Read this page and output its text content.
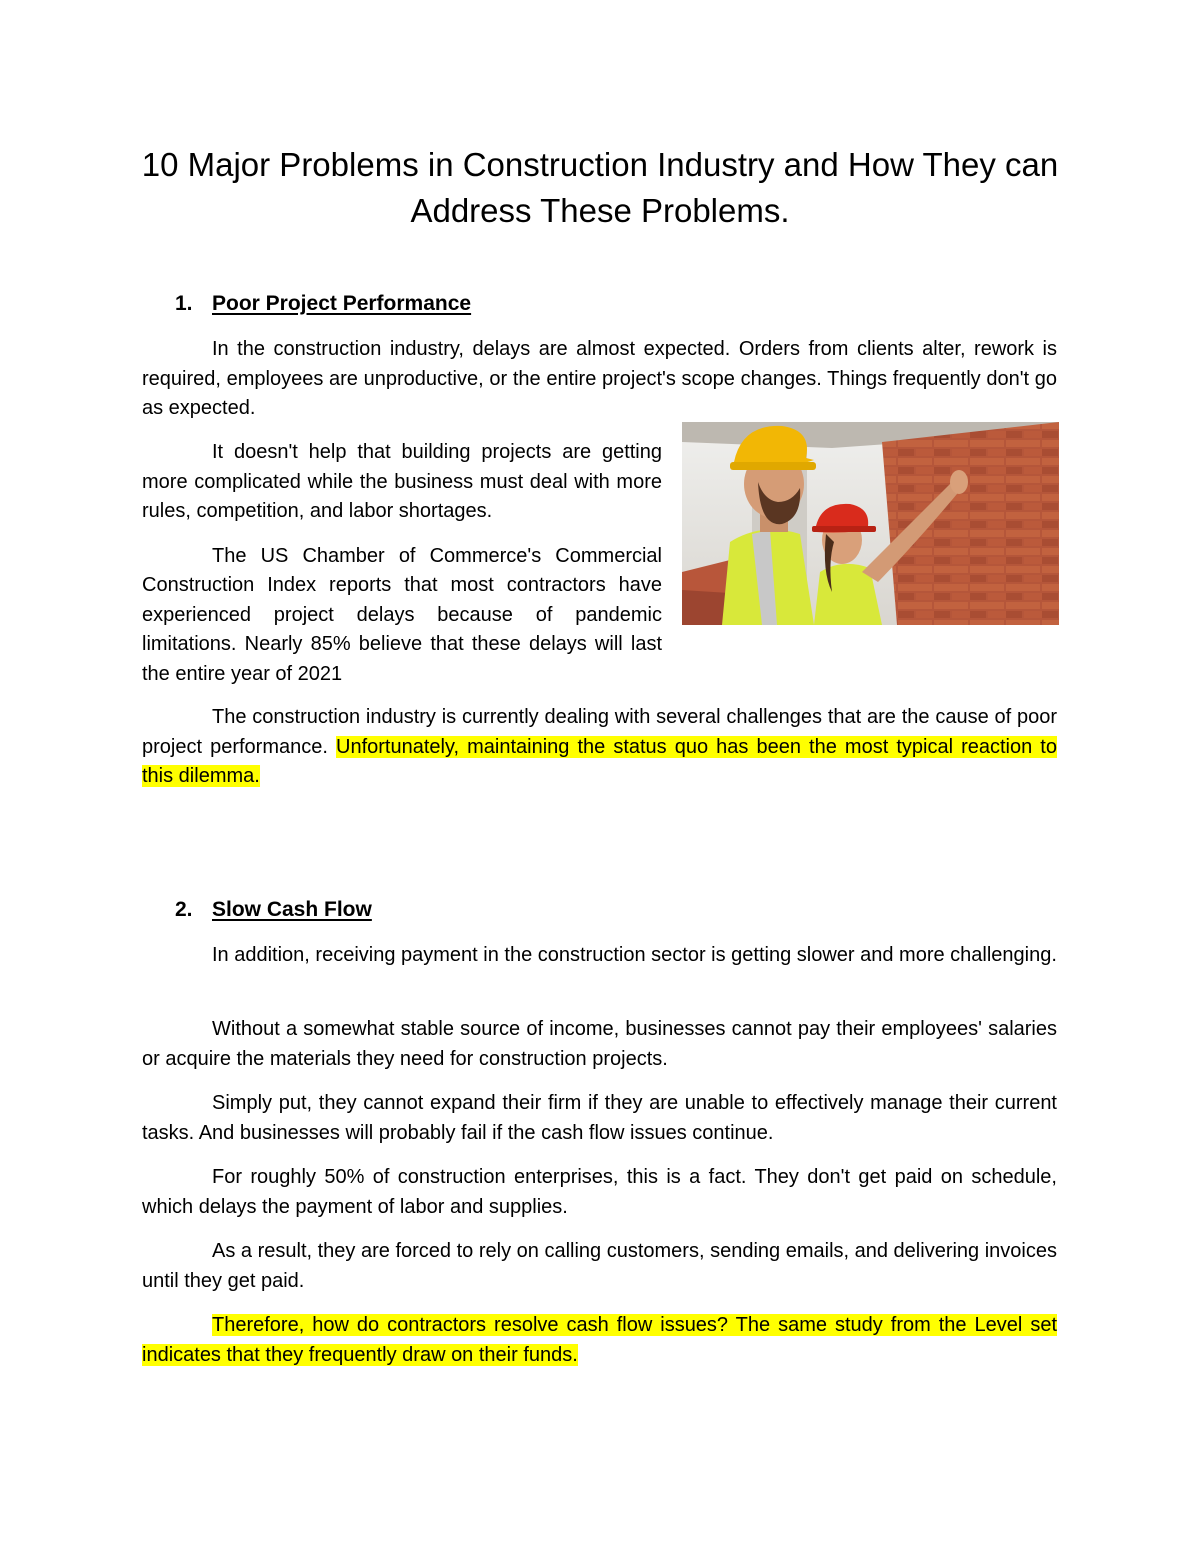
10 Major Problems in Construction Industry and How They can Address These Problems.
1. Poor Project Performance

In the construction industry, delays are almost expected. Orders from clients alter, rework is required, employees are unproductive, or the entire project's scope changes. Things frequently don't go as expected.

It doesn't help that building projects are getting more complicated while the business must deal with more rules, competition, and labor shortages.

The US Chamber of Commerce's Commercial Construction Index reports that most contractors have experienced project delays because of pandemic limitations. Nearly 85% believe that these delays will last the entire year of 2021

The construction industry is currently dealing with several challenges that are the cause of poor project performance. Unfortunately, maintaining the status quo has been the most typical reaction to this dilemma.

2. Slow Cash Flow

In addition, receiving payment in the construction sector is getting slower and more challenging.

Without a somewhat stable source of income, businesses cannot pay their employees' salaries or acquire the materials they need for construction projects.

Simply put, they cannot expand their firm if they are unable to effectively manage their current tasks. And businesses will probably fail if the cash flow issues continue.

For roughly 50% of construction enterprises, this is a fact. They don't get paid on schedule, which delays the payment of labor and supplies.

As a result, they are forced to rely on calling customers, sending emails, and delivering invoices until they get paid.

Therefore, how do contractors resolve cash flow issues? The same study from the Level set indicates that they frequently draw on their funds.
